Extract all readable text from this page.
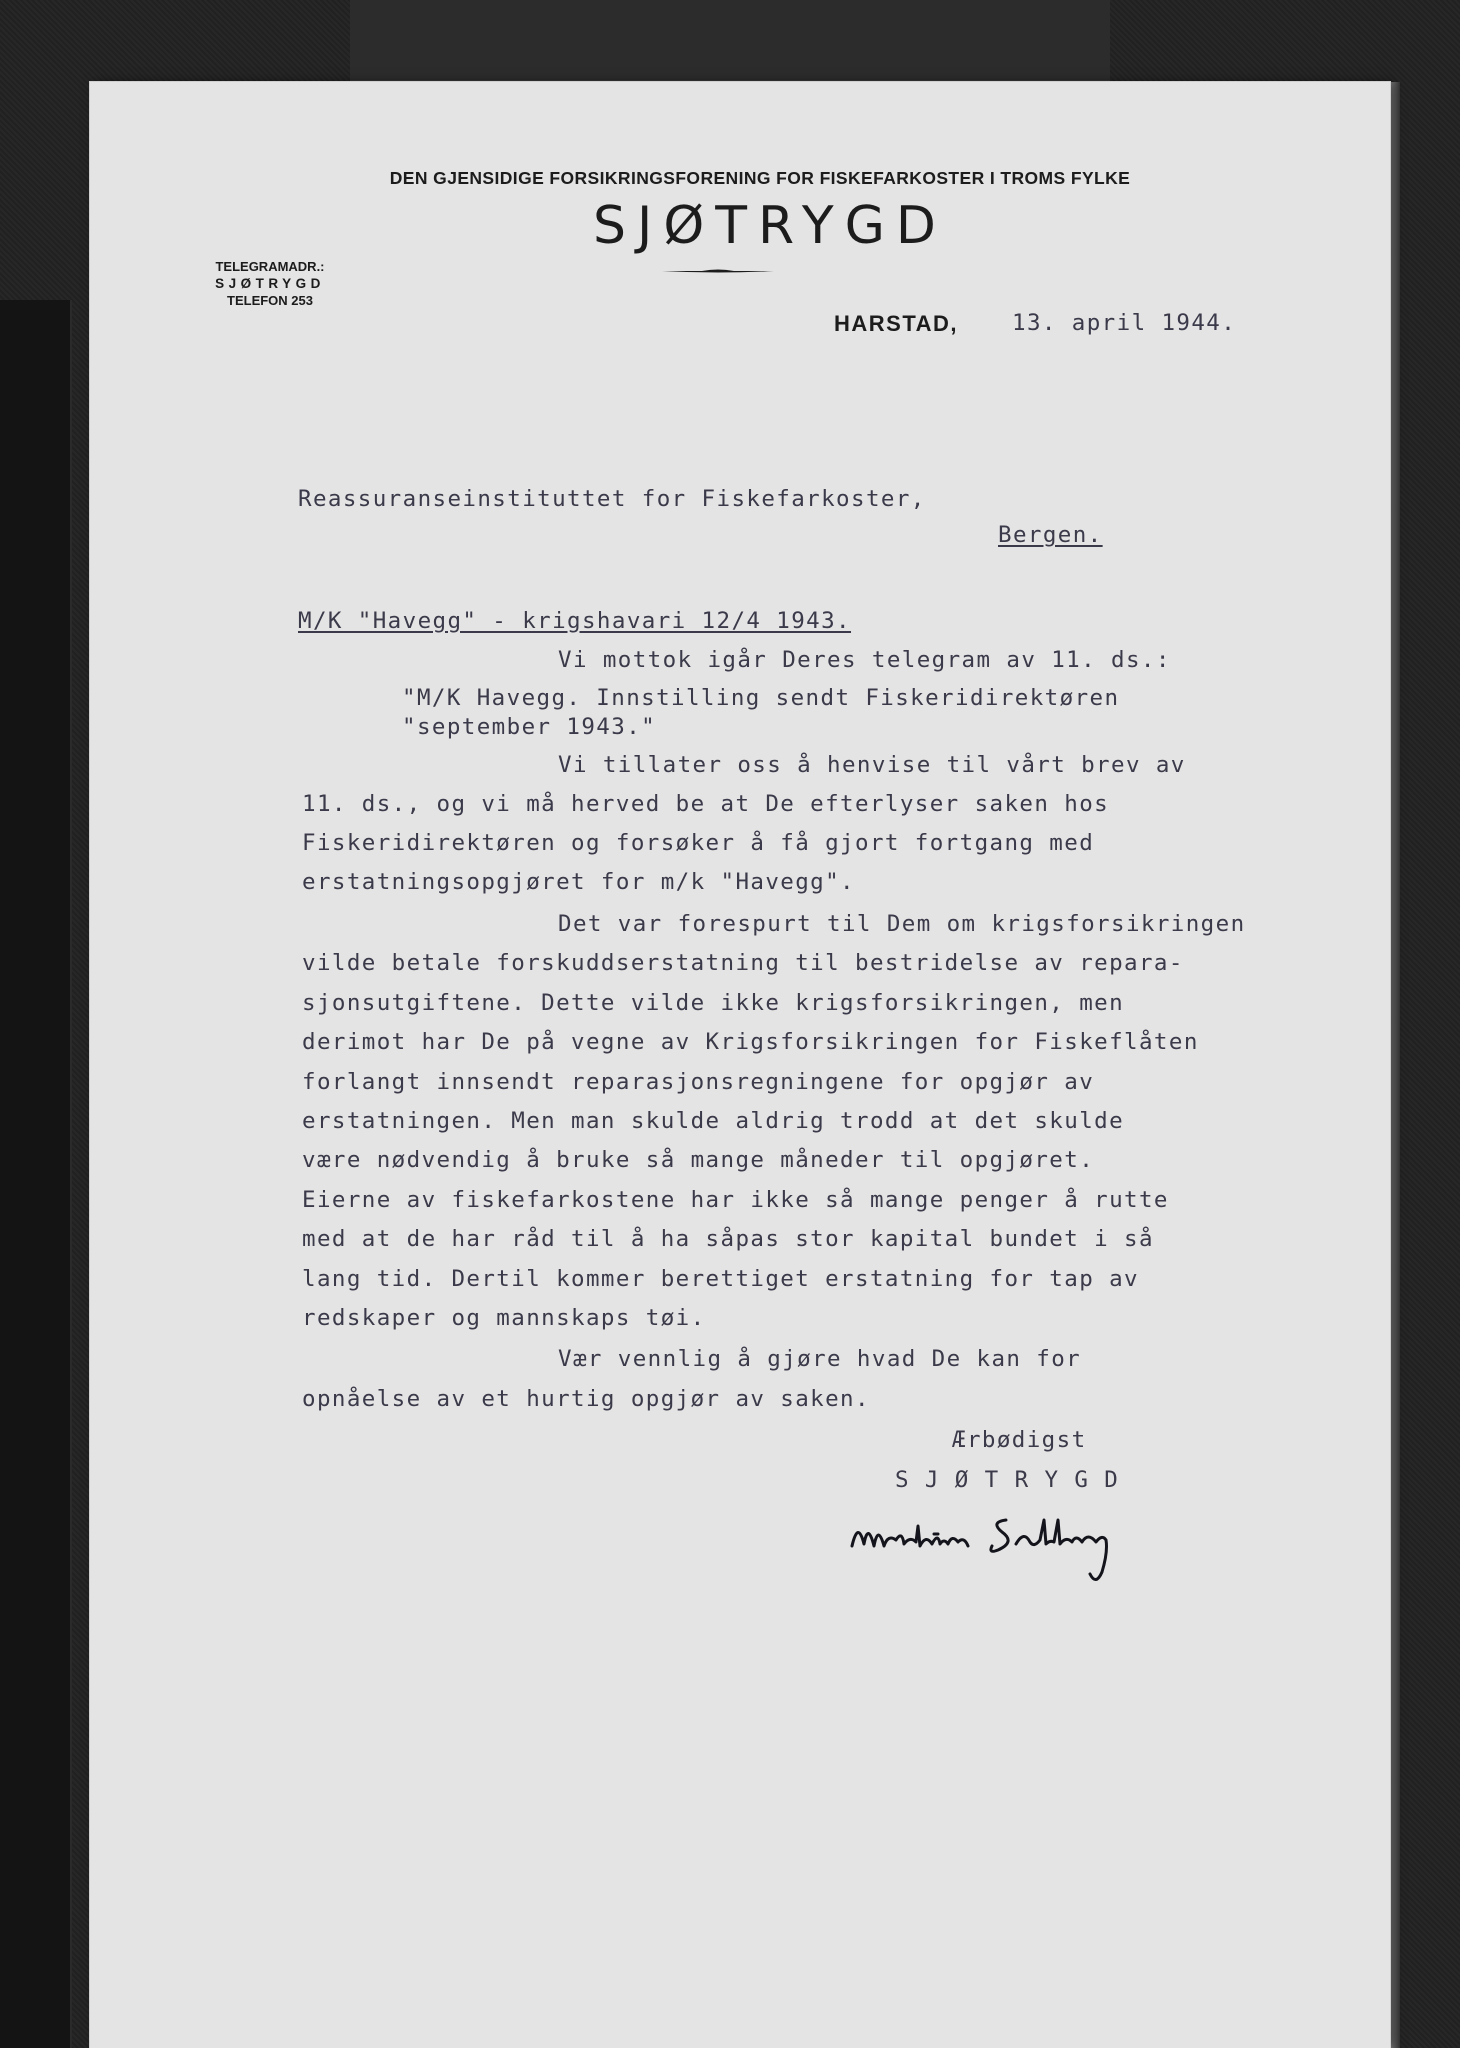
DEN GJENSIDIGE FORSIKRINGSFORENING FOR FISKEFARKOSTER I TROMS FYLKE
SJØTRYGD
TELEGRAMADR.:
SJØTRYGD
TELEFON 253
HARSTAD, 13. april 1944.
Reassuranseinstituttet for Fiskefarkoster,
Bergen.
M/K "Havegg" - krigshavari 12/4 1943.
Vi mottok igår Deres telegram av 11. ds.:
"M/K Havegg. Innstilling sendt Fiskeridirektøren
"september 1943."
Vi tillater oss å henvise til vårt brev av
11. ds., og vi må herved be at De efterlyser saken hos
Fiskeridirektøren og forsøker å få gjort fortgang med
erstatningsopgjøret for m/k "Havegg".
Det var forespurt til Dem om krigsforsikringen
vilde betale forskuddserstatning til bestridelse av repara-
sjonsutgiftene. Dette vilde ikke krigsforsikringen, men
derimot har De på vegne av Krigsforsikringen for Fiskeflåten
forlangt innsendt reparasjonsregningene for opgjør av
erstatningen. Men man skulde aldrig trodd at det skulde
være nødvendig å bruke så mange måneder til opgjøret.
Eierne av fiskefarkostene har ikke så mange penger å rutte
med at de har råd til å ha såpas stor kapital bundet i så
lang tid. Dertil kommer berettiget erstatning for tap av
redskaper og mannskaps tøi.
Vær vennlig å gjøre hvad De kan for
opnåelse av et hurtig opgjør av saken.
Ærbødigst
S J Ø T R Y G D
